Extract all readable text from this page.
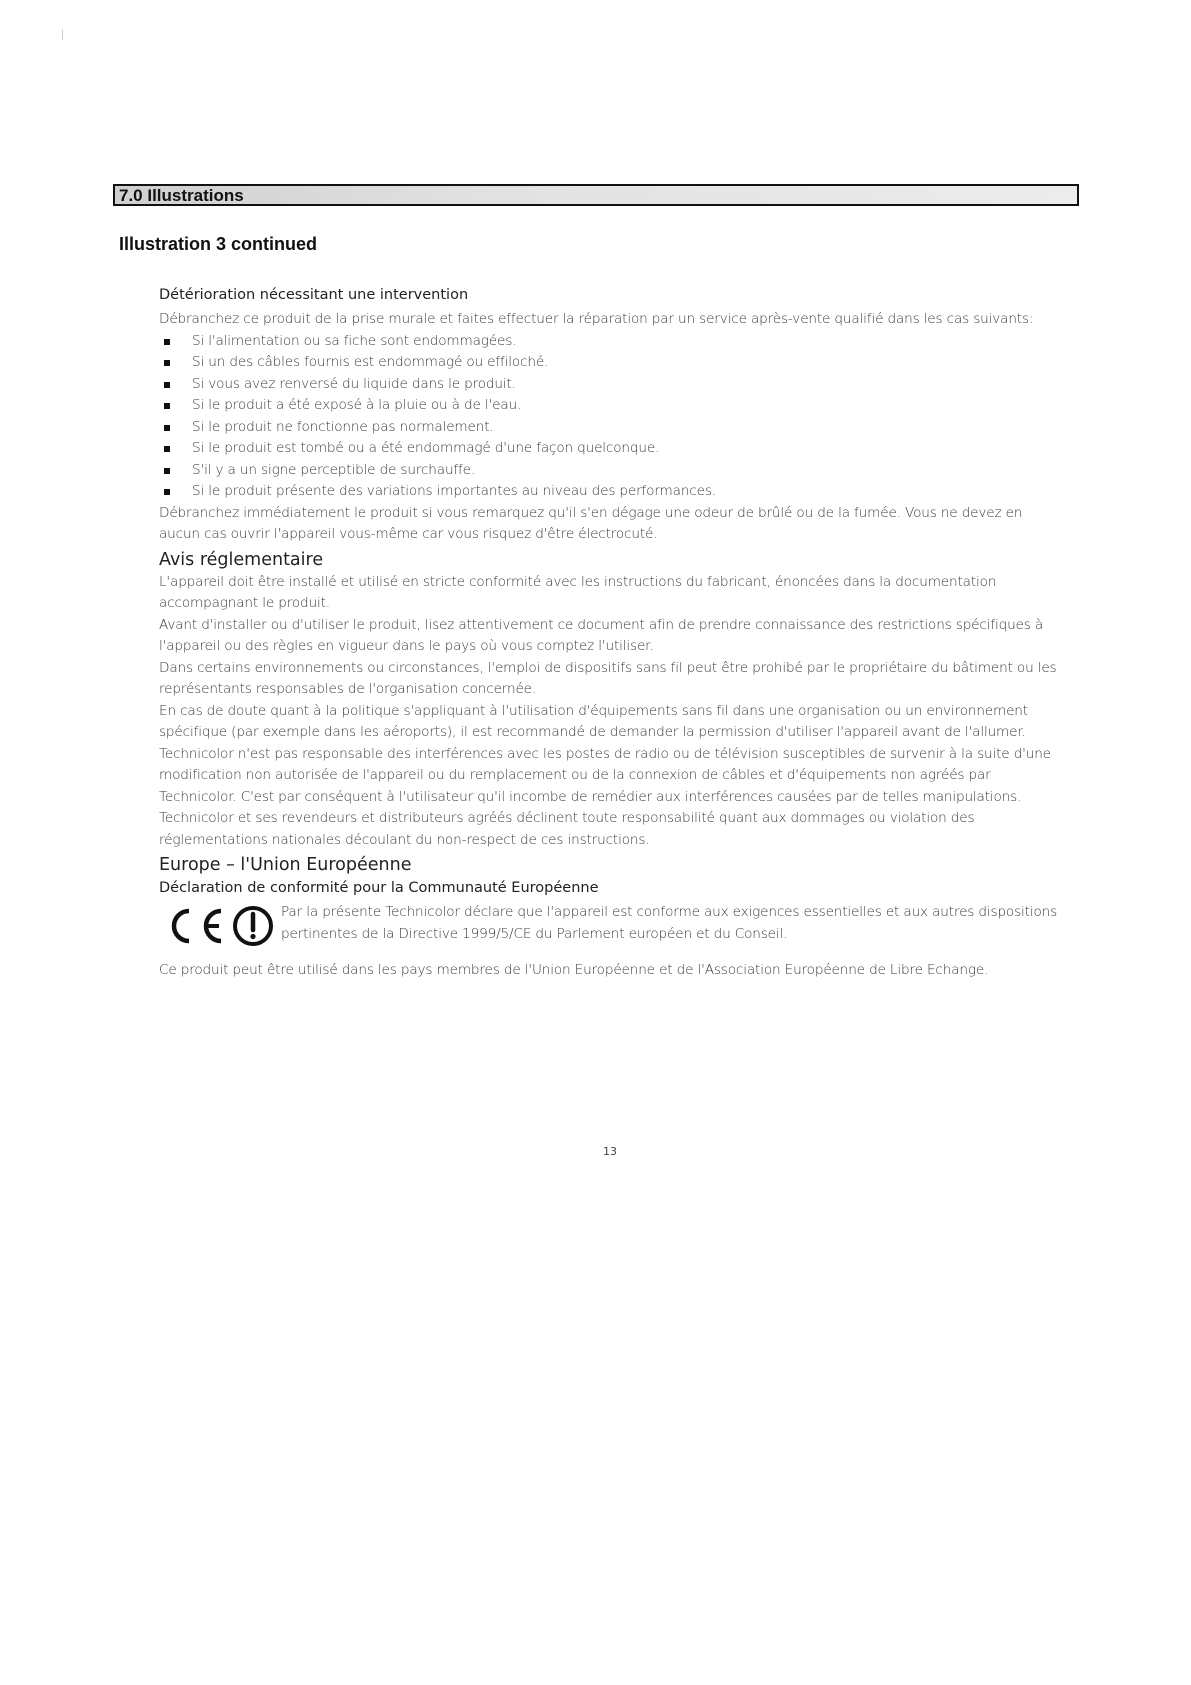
7.0 Illustrations
Illustration 3 continued
Détérioration nécessitant une intervention

Débranchez ce produit de la prise murale et faites effectuer la réparation par un service après-vente qualifié dans les cas suivants:

Si l'alimentation ou sa fiche sont endommagées.
Si un des câbles fournis est endommagé ou effiloché.
Si vous avez renversé du liquide dans le produit.
Si le produit a été exposé à la pluie ou à de l'eau.
Si le produit ne fonctionne pas normalement.
Si le produit est tombé ou a été endommagé d'une façon quelconque.
S'il y a un signe perceptible de surchauffe.
Si le produit présente des variations importantes au niveau des performances.

Débranchez immédiatement le produit si vous remarquez qu'il s'en dégage une odeur de brûlé ou de la fumée. Vous ne devez en aucun cas ouvrir l'appareil vous-même car vous risquez d'être électrocuté.

Avis réglementaire

L'appareil doit être installé et utilisé en stricte conformité avec les instructions du fabricant, énoncées dans la documentation accompagnant le produit.

Avant d'installer ou d'utiliser le produit, lisez attentivement ce document afin de prendre connaissance des restrictions spécifiques à l'appareil ou des règles en vigueur dans le pays où vous comptez l'utiliser.

Dans certains environnements ou circonstances, l'emploi de dispositifs sans fil peut être prohibé par le propriétaire du bâtiment ou les représentants responsables de l'organisation concernée.

En cas de doute quant à la politique s'appliquant à l'utilisation d'équipements sans fil dans une organisation ou un environnement spécifique (par exemple dans les aéroports), il est recommandé de demander la permission d'utiliser l'appareil avant de l'allumer.

Technicolor n'est pas responsable des interférences avec les postes de radio ou de télévision susceptibles de survenir à la suite d'une modification non autorisée de l'appareil ou du remplacement ou de la connexion de câbles et d'équipements non agréés par Technicolor. C'est par conséquent à l'utilisateur qu'il incombe de remédier aux interférences causées par de telles manipulations.

Technicolor et ses revendeurs et distributeurs agréés déclinent toute responsabilité quant aux dommages ou violation des réglementations nationales découlant du non-respect de ces instructions.

Europe – l'Union Européenne
Déclaration de conformité pour la Communauté Européenne

Par la présente Technicolor déclare que l'appareil est conforme aux exigences essentielles et aux autres dispositions pertinentes de la Directive 1999/5/CE du Parlement européen et du Conseil.

Ce produit peut être utilisé dans les pays membres de l'Union Européenne et de l'Association Européenne de Libre Echange.

13
